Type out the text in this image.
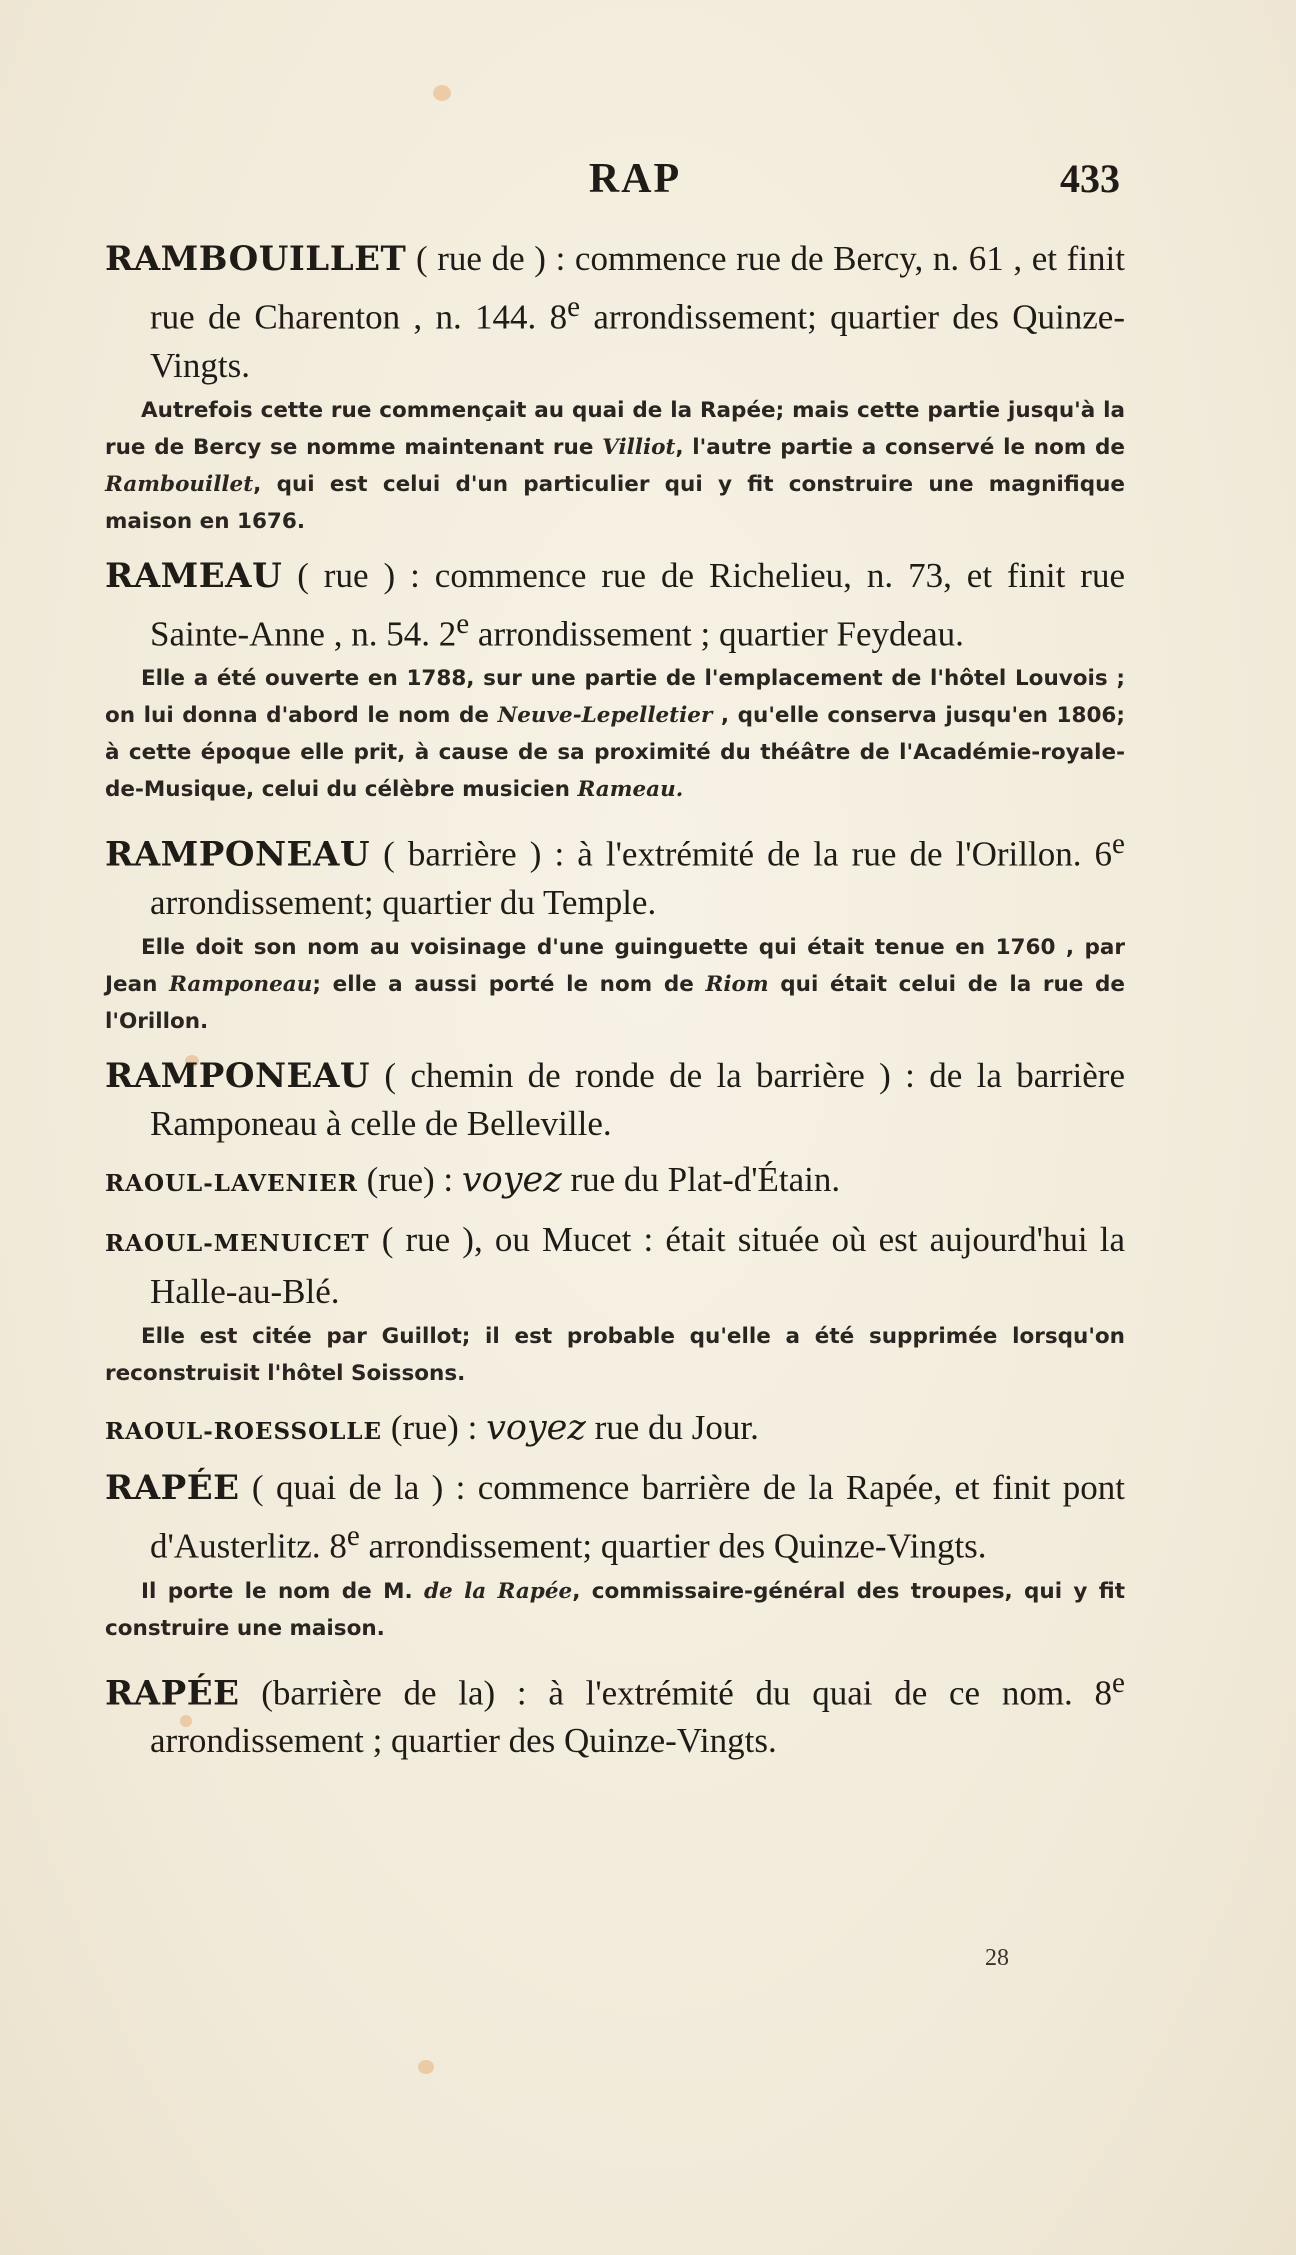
RAP	433

RAMBOUILLET ( rue de ) : commence rue de Bercy, n. 61 , et finit rue de Charenton , n. 144. 8e arrondissement; quartier des Quinze-Vingts.

Autrefois cette rue commençait au quai de la Rapée; mais cette partie jusqu'à la rue de Bercy se nomme maintenant rue Villiot, l'autre partie a conservé le nom de Rambouillet, qui est celui d'un particulier qui y fit construire une magnifique maison en 1676.

RAMEAU ( rue ) : commence rue de Richelieu, n. 73, et finit rue Sainte-Anne , n. 54. 2e arrondissement ; quartier Feydeau.

Elle a été ouverte en 1788, sur une partie de l'emplacement de l'hôtel Louvois ; on lui donna d'abord le nom de Neuve-Lepelletier , qu'elle conserva jusqu'en 1806; à cette époque elle prit, à cause de sa proximité du théâtre de l'Académie-royale-de-Musique, celui du célèbre musicien Rameau.

RAMPONEAU ( barrière ) : à l'extrémité de la rue de l'Orillon. 6e arrondissement; quartier du Temple.

Elle doit son nom au voisinage d'une guinguette qui était tenue en 1760 , par Jean Ramponeau; elle a aussi porté le nom de Riom qui était celui de la rue de l'Orillon.

RAMPONEAU ( chemin de ronde de la barrière ) : de la barrière Ramponeau à celle de Belleville.

RAOUL-LAVENIER (rue) : voyez rue du Plat-d'Étain.

RAOUL-MENUICET ( rue ), ou Mucet : était située où est aujourd'hui la Halle-au-Blé.

Elle est citée par Guillot; il est probable qu'elle a été supprimée lorsqu'on reconstruisit l'hôtel Soissons.

RAOUL-ROESSOLLE (rue) : voyez rue du Jour.

RAPÉE ( quai de la ) : commence barrière de la Rapée, et finit pont d'Austerlitz. 8e arrondissement; quartier des Quinze-Vingts.

Il porte le nom de M. de la Rapée, commissaire-général des troupes, qui y fit construire une maison.

RAPÉE (barrière de la) : à l'extrémité du quai de ce nom. 8e arrondissement ; quartier des Quinze-Vingts.

28
